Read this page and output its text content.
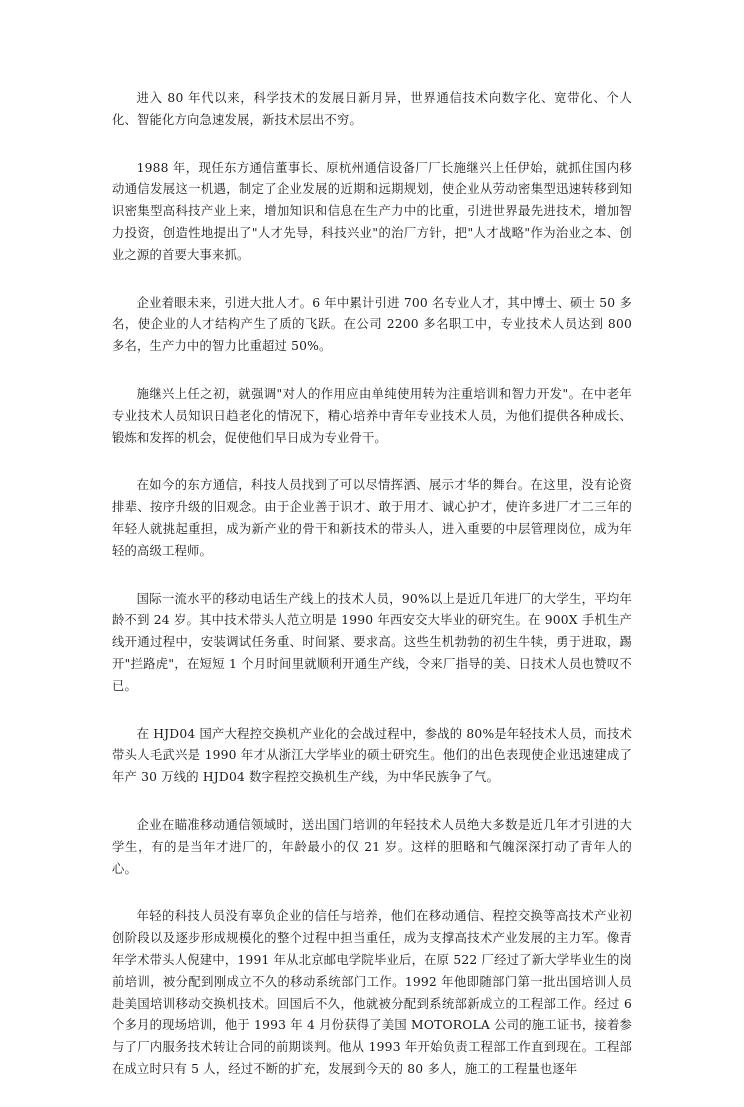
进入 80 年代以来，科学技术的发展日新月异，世界通信技术向数字化、宽带化、个人化、智能化方向急速发展，新技术层出不穷。

1988 年，现任东方通信董事长、原杭州通信设备厂厂长施继兴上任伊始，就抓住国内移动通信发展这一机遇，制定了企业发展的近期和远期规划，使企业从劳动密集型迅速转移到知识密集型高科技产业上来，增加知识和信息在生产力中的比重，引进世界最先进技术，增加智力投资，创造性地提出了"人才先导，科技兴业"的治厂方针，把"人才战略"作为治业之本、创业之源的首要大事来抓。

企业着眼未来，引进大批人才。6 年中累计引进 700 名专业人才，其中博士、硕士 50 多名，使企业的人才结构产生了质的飞跃。在公司 2200 多名职工中，专业技术人员达到 800 多名，生产力中的智力比重超过 50%。

施继兴上任之初，就强调"对人的作用应由单纯使用转为注重培训和智力开发"。在中老年专业技术人员知识日趋老化的情况下，精心培养中青年专业技术人员，为他们提供各种成长、锻炼和发挥的机会，促使他们早日成为专业骨干。

在如今的东方通信，科技人员找到了可以尽情挥洒、展示才华的舞台。在这里，没有论资排辈、按序升级的旧观念。由于企业善于识才、敢于用才、诚心护才，使许多进厂才二三年的年轻人就挑起重担，成为新产业的骨干和新技术的带头人，进入重要的中层管理岗位，成为年轻的高级工程师。

国际一流水平的移动电话生产线上的技术人员，90%以上是近几年进厂的大学生，平均年龄不到 24 岁。其中技术带头人范立明是 1990 年西安交大毕业的研究生。在 900X 手机生产线开通过程中，安装调试任务重、时间紧、要求高。这些生机勃勃的初生牛犊，勇于进取，踢开"拦路虎"，在短短 1 个月时间里就顺利开通生产线，令来厂指导的美、日技术人员也赞叹不已。

在 HJD04 国产大程控交换机产业化的会战过程中，参战的 80%是年轻技术人员，而技术带头人毛武兴是 1990 年才从浙江大学毕业的硕士研究生。他们的出色表现使企业迅速建成了年产 30 万线的 HJD04 数字程控交换机生产线，为中华民族争了气。

企业在瞄准移动通信领域时，送出国门培训的年轻技术人员绝大多数是近几年才引进的大学生，有的是当年才进厂的，年龄最小的仅 21 岁。这样的胆略和气魄深深打动了青年人的心。

年轻的科技人员没有辜负企业的信任与培养，他们在移动通信、程控交换等高技术产业初创阶段以及逐步形成规模化的整个过程中担当重任，成为支撑高技术产业发展的主力军。像青年学术带头人倪建中，1991 年从北京邮电学院毕业后，在原 522 厂经过了新大学毕业生的岗前培训，被分配到刚成立不久的移动系统部门工作。1992 年他即随部门第一批出国培训人员赴美国培训移动交换机技术。回国后不久，他就被分配到系统部新成立的工程部工作。经过 6 个多月的现场培训，他于 1993 年 4 月份获得了美国 MOTOROLA 公司的施工证书，接着参与了厂内服务技术转让合同的前期谈判。他从 1993 年开始负责工程部工作直到现在。工程部在成立时只有 5 人，经过不断的扩充，发展到今天的 80 多人，施工的工程量也逐年
